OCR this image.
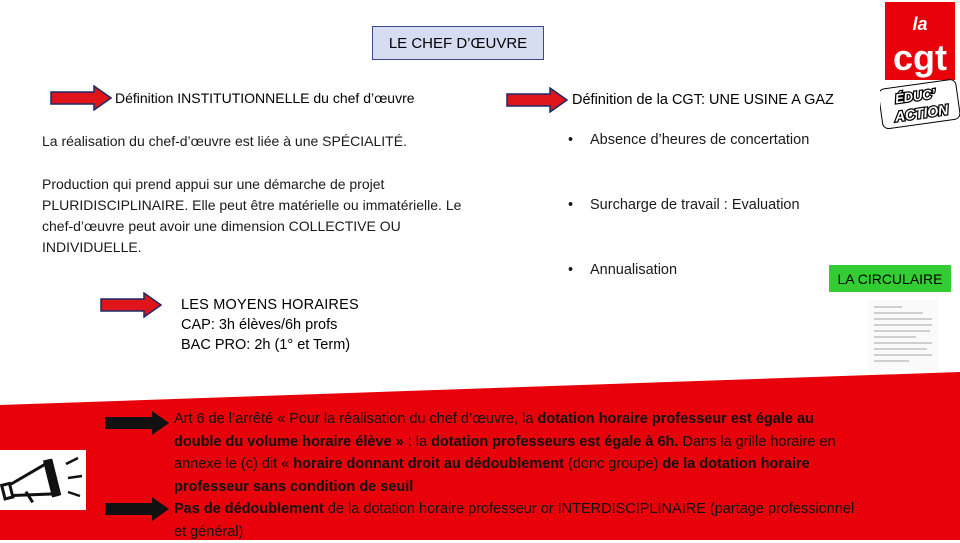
la
cgt
ÉDUC’
ACTION
LE CHEF D’ŒUVRE
Définition INSTITUTIONNELLE du chef d’œuvre	Définition de la CGT: UNE USINE A GAZ
La réalisation du chef-d’œuvre est liée à une SPÉCIALITÉ.
Production qui prend appui sur une démarche de projet
PLURIDISCIPLINAIRE. Elle peut être matérielle ou immatérielle. Le
chef-d’œuvre peut avoir une dimension COLLECTIVE OU
INDIVIDUELLE.
• Absence d’heures de concertation
• Surcharge de travail : Evaluation
• Annualisation
LA CIRCULAIRE
LES MOYENS HORAIRES
CAP: 3h élèves/6h profs
BAC PRO: 2h (1° et Term)
Art 6 de l’arrêté « Pour la réalisation du chef d’œuvre, la dotation horaire professeur est égale au
double du volume horaire élève » : la dotation professeurs est égale à 6h. Dans la grille horaire en
annexe le (c) dit « horaire donnant droit au dédoublement (donc groupe) de la dotation horaire
professeur sans condition de seuil
Pas de dédoublement de la dotation horaire professeur or INTERDISCIPLINAIRE (partage professionnel
et général)
